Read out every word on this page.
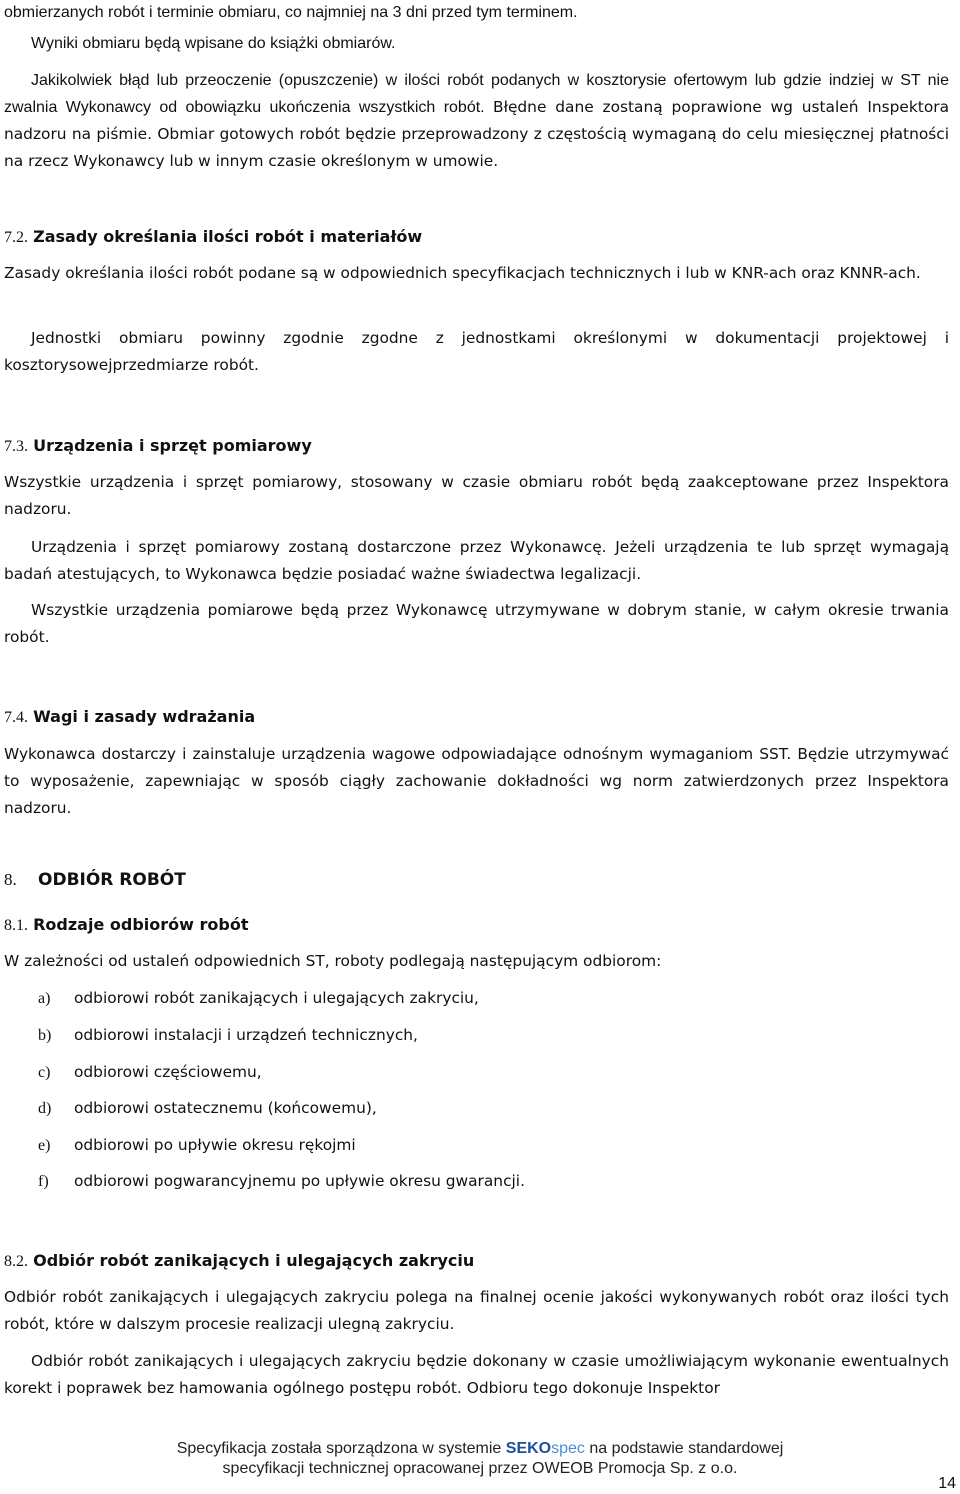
obmierzanych robót i terminie obmiaru, co najmniej na 3 dni przed tym terminem.

Wyniki obmiaru będą wpisane do książki obmiarów.

Jakikolwiek błąd lub przeoczenie (opuszczenie) w ilości robót podanych w kosztorysie ofertowym lub gdzie indziej w ST nie zwalnia Wykonawcy od obowiązku ukończenia wszystkich robót. Błędne dane zostaną poprawione wg ustaleń Inspektora nadzoru na piśmie. Obmiar gotowych robót będzie przeprowadzony z częstością wymaganą do celu miesięcznej płatności na rzecz Wykonawcy lub w innym czasie określonym w umowie.

7.2. Zasady określania ilości robót i materiałów

Zasady określania ilości robót podane są w odpowiednich specyfikacjach technicznych i lub w KNR-ach oraz KNNR-ach.

Jednostki obmiaru powinny zgodnie zgodne z jednostkami określonymi w dokumentacji projektowej i kosztorysowejprzedmiarze robót.

7.3. Urządzenia i sprzęt pomiarowy

Wszystkie urządzenia i sprzęt pomiarowy, stosowany w czasie obmiaru robót będą zaakceptowane przez Inspektora nadzoru.

Urządzenia i sprzęt pomiarowy zostaną dostarczone przez Wykonawcę. Jeżeli urządzenia te lub sprzęt wymagają badań atestujących, to Wykonawca będzie posiadać ważne świadectwa legalizacji.

Wszystkie urządzenia pomiarowe będą przez Wykonawcę utrzymywane w dobrym stanie, w całym okresie trwania robót.

7.4. Wagi i zasady wdrażania

Wykonawca dostarczy i zainstaluje urządzenia wagowe odpowiadające odnośnym wymaganiom SST. Będzie utrzymywać to wyposażenie, zapewniając w sposób ciągły zachowanie dokładności wg norm zatwierdzonych przez Inspektora nadzoru.

8. ODBIÓR ROBÓT
8.1. Rodzaje odbiorów robót

W zależności od ustaleń odpowiednich ST, roboty podlegają następującym odbiorom:

a) odbiorowi robót zanikających i ulegających zakryciu,
b) odbiorowi instalacji i urządzeń technicznych,
c) odbiorowi częściowemu,
d) odbiorowi ostatecznemu (końcowemu),
e) odbiorowi po upływie okresu rękojmi
f) odbiorowi pogwarancyjnemu po upływie okresu gwarancji.
8.2. Odbiór robót zanikających i ulegających zakryciu

Odbiór robót zanikających i ulegających zakryciu polega na finalnej ocenie jakości wykonywanych robót oraz ilości tych robót, które w dalszym procesie realizacji ulegną zakryciu.

Odbiór robót zanikających i ulegających zakryciu będzie dokonany w czasie umożliwiającym wykonanie ewentualnych korekt i poprawek bez hamowania ogólnego postępu robót. Odbioru tego dokonuje Inspektor

Specyfikacja została sporządzona w systemie SEKOspec na podstawie standardowej
specyfikacji technicznej opracowanej przez OWEOB Promocja Sp. z o.o.
14
